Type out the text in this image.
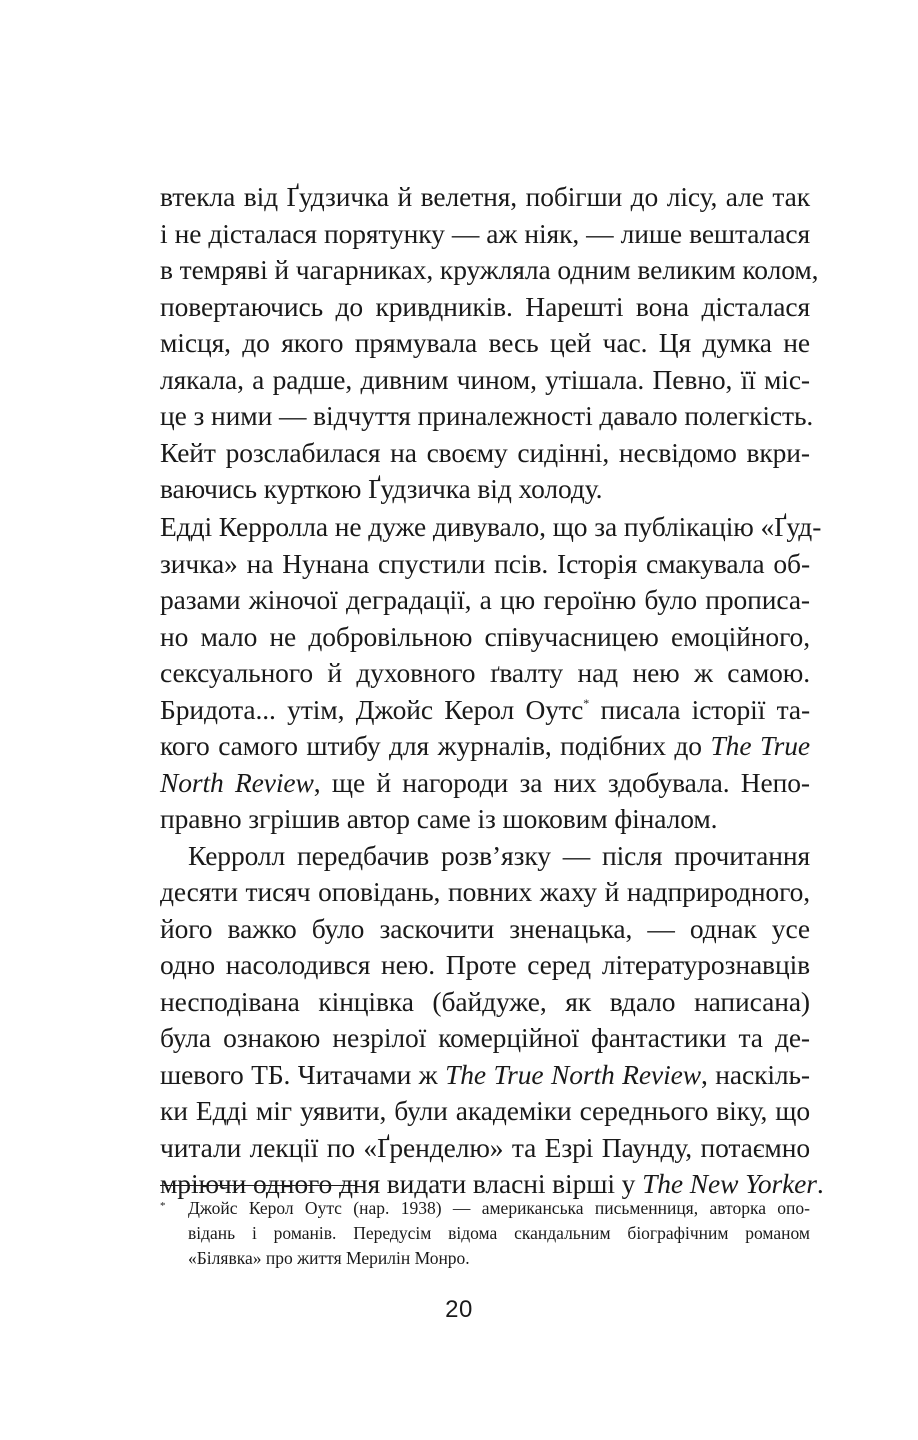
втекла від Ґудзичка й велетня, побігши до лісу, але так
і не дісталася порятунку — аж ніяк, — лише вешталася
в темряві й чагарниках, кружляла одним великим колом,
повертаючись до кривдників. Нарешті вона дісталася
місця, до якого прямувала весь цей час. Ця думка не
лякала, а радше, дивним чином, утішала. Певно, її міс-
це з ними — відчуття приналежності давало полегкість.
Кейт розслабилася на своєму сидінні, несвідомо вкри-
ваючись курткою Ґудзичка від холоду.
Едді Керролла не дуже дивувало, що за публікацію «Ґуд-
зичка» на Нунана спустили псів. Історія смакувала об-
разами жіночої деградації, а цю героїню було прописа-
но мало не добровільною співучасницею емоційного,
сексуального й духовного ґвалту над нею ж самою.
Бридота... утім, Джойс Керол Оутс* писала історії та-
кого самого штибу для журналів, подібних до The True
North Review, ще й нагороди за них здобувала. Непо-
правно згрішив автор саме із шоковим фіналом.
Керролл передбачив розв’язку — після прочитання
десяти тисяч оповідань, повних жаху й надприродного,
його важко було заскочити зненацька, — однак усе
одно насолодився нею. Проте серед літературознавців
несподівана кінцівка (байдуже, як вдало написана)
була ознакою незрілої комерційної фантастики та де-
шевого ТБ. Читачами ж The True North Review, наскіль-
ки Едді міг уявити, були академіки середнього віку, що
читали лекції по «Ґренделю» та Езрі Паунду, потаємно
мріючи одного дня видати власні вірші у The New Yorker.
* Джойс Керол Оутс (нар. 1938) — американська письменниця, авторка опо-
відань і романів. Передусім відома скандальним біографічним романом
«Білявка» про життя Мерилін Монро.
20
